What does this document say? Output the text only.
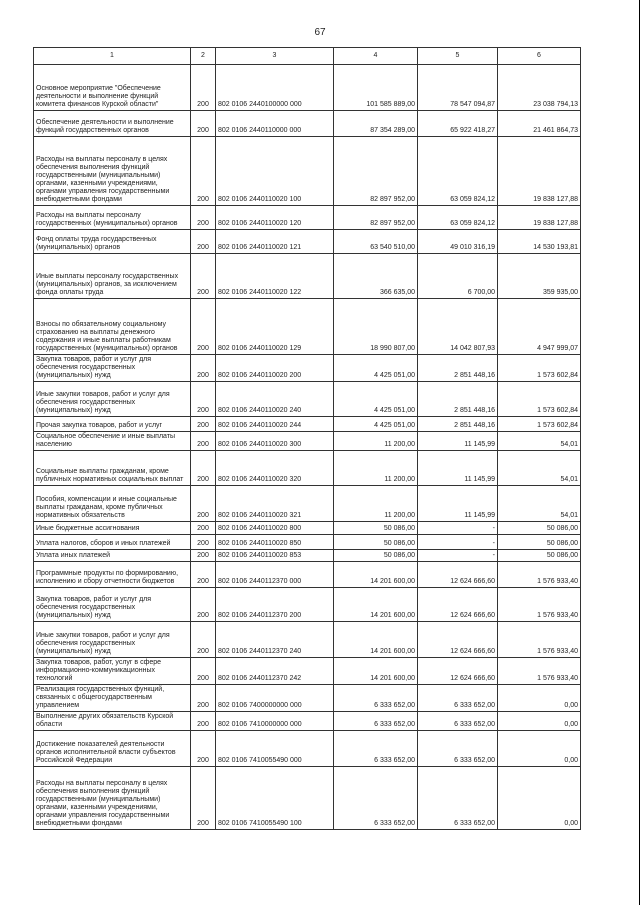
67
1	2	3	4	5	6
Основное мероприятие "Обеспечение деятельности и выполнение функций комитета финансов Курской области"	200	802 0106 2440100000 000	101 585 889,00	78 547 094,87	23 038 794,13
Обеспечение деятельности и выполнение функций государственных органов	200	802 0106 2440110000 000	87 354 289,00	65 922 418,27	21 461 864,73
Расходы на выплаты персоналу в целях обеспечения выполнения функций государственными (муниципальными) органами, казенными учреждениями, органами управления государственными внебюджетными фондами	200	802 0106 2440110020 100	82 897 952,00	63 059 824,12	19 838 127,88
Расходы на выплаты персоналу государственных (муниципальных) органов	200	802 0106 2440110020 120	82 897 952,00	63 059 824,12	19 838 127,88
Фонд оплаты труда государственных (муниципальных) органов	200	802 0106 2440110020 121	63 540 510,00	49 010 316,19	14 530 193,81
Иные выплаты персоналу государственных (муниципальных) органов, за исключением фонда оплаты труда	200	802 0106 2440110020 122	366 635,00	6 700,00	359 935,00
Взносы по обязательному социальному страхованию на выплаты денежного содержания и иные выплаты работникам государственных (муниципальных) органов	200	802 0106 2440110020 129	18 990 807,00	14 042 807,93	4 947 999,07
Закупка товаров, работ и услуг для обеспечения государственных (муниципальных) нужд	200	802 0106 2440110020 200	4 425 051,00	2 851 448,16	1 573 602,84
Иные закупки товаров, работ и услуг для обеспечения государственных (муниципальных) нужд	200	802 0106 2440110020 240	4 425 051,00	2 851 448,16	1 573 602,84
Прочая закупка товаров, работ и услуг	200	802 0106 2440110020 244	4 425 051,00	2 851 448,16	1 573 602,84
Социальное обеспечение и иные выплаты населению	200	802 0106 2440110020 300	11 200,00	11 145,99	54,01
Социальные выплаты гражданам, кроме публичных нормативных социальных выплат	200	802 0106 2440110020 320	11 200,00	11 145,99	54,01
Пособия, компенсации и иные социальные выплаты гражданам, кроме публичных нормативных обязательств	200	802 0106 2440110020 321	11 200,00	11 145,99	54,01
Иные бюджетные ассигнования	200	802 0106 2440110020 800	50 086,00	-	50 086,00
Уплата налогов, сборов и иных платежей	200	802 0106 2440110020 850	50 086,00	-	50 086,00
Уплата иных платежей	200	802 0106 2440110020 853	50 086,00	-	50 086,00
Программные продукты по формированию, исполнению и сбору отчетности бюджетов	200	802 0106 2440112370 000	14 201 600,00	12 624 666,60	1 576 933,40
Закупка товаров, работ и услуг для обеспечения государственных (муниципальных) нужд	200	802 0106 2440112370 200	14 201 600,00	12 624 666,60	1 576 933,40
Иные закупки товаров, работ и услуг для обеспечения государственных (муниципальных) нужд	200	802 0106 2440112370 240	14 201 600,00	12 624 666,60	1 576 933,40
Закупка товаров, работ, услуг в сфере информационно-коммуникационных технологий	200	802 0106 2440112370 242	14 201 600,00	12 624 666,60	1 576 933,40
Реализация государственных функций, связанных с общегосударственным управлением	200	802 0106 7400000000 000	6 333 652,00	6 333 652,00	0,00
Выполнение других обязательств Курской области	200	802 0106 7410000000 000	6 333 652,00	6 333 652,00	0,00
Достижение показателей деятельности органов исполнительной власти субъектов Российской Федерации	200	802 0106 7410055490 000	6 333 652,00	6 333 652,00	0,00
Расходы на выплаты персоналу в целях обеспечения выполнения функций государственными (муниципальными) органами, казенными учреждениями, органами управления государственными внебюджетными фондами	200	802 0106 7410055490 100	6 333 652,00	6 333 652,00	0,00
